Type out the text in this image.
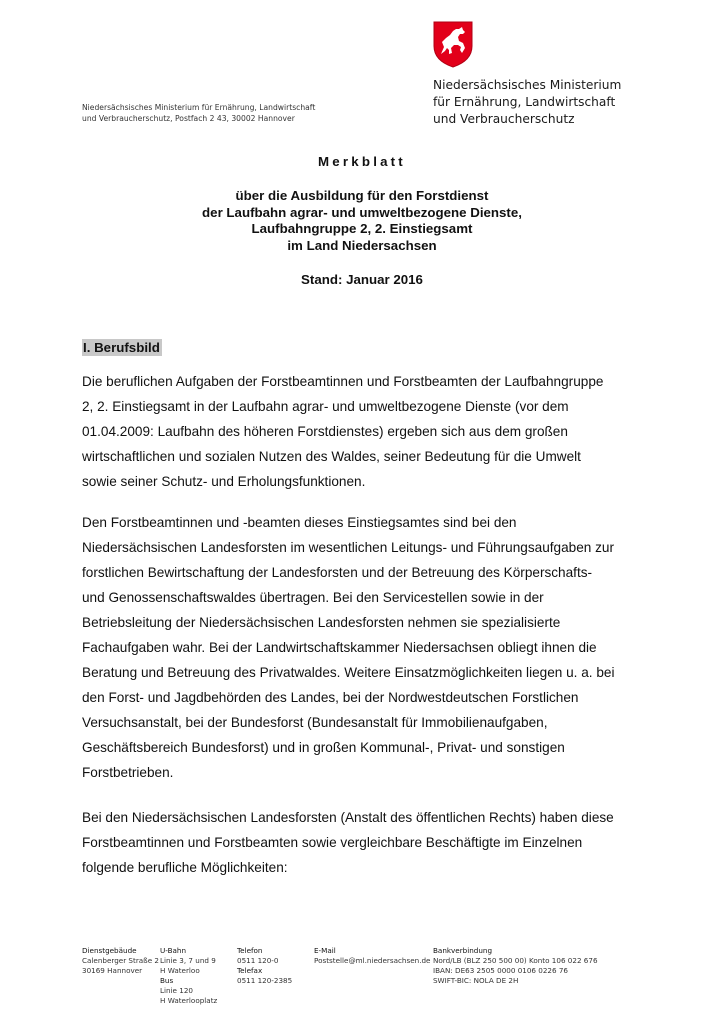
Niedersächsisches Ministerium
für Ernährung, Landwirtschaft
und Verbraucherschutz
Niedersächsisches Ministerium für Ernährung, Landwirtschaft
und Verbraucherschutz, Postfach 2 43, 30002 Hannover
Merkblatt
über die Ausbildung für den Forstdienst
der Laufbahn agrar- und umweltbezogene Dienste,
Laufbahngruppe 2, 2. Einstiegsamt
im Land Niedersachsen
Stand: Januar 2016
I. Berufsbild
Die beruflichen Aufgaben der Forstbeamtinnen und Forstbeamten der Laufbahngruppe
2, 2. Einstiegsamt in der Laufbahn agrar- und umweltbezogene Dienste (vor dem
01.04.2009: Laufbahn des höheren Forstdienstes) ergeben sich aus dem großen
wirtschaftlichen und sozialen Nutzen des Waldes, seiner Bedeutung für die Umwelt
sowie seiner Schutz- und Erholungsfunktionen.
Den Forstbeamtinnen und -beamten dieses Einstiegsamtes sind bei den
Niedersächsischen Landesforsten im wesentlichen Leitungs- und Führungsaufgaben zur
forstlichen Bewirtschaftung der Landesforsten und der Betreuung des Körperschafts-
und Genossenschaftswaldes übertragen. Bei den Servicestellen sowie in der
Betriebsleitung der Niedersächsischen Landesforsten nehmen sie spezialisierte
Fachaufgaben wahr. Bei der Landwirtschaftskammer Niedersachsen obliegt ihnen die
Beratung und Betreuung des Privatwaldes. Weitere Einsatzmöglichkeiten liegen u. a. bei
den Forst- und Jagdbehörden des Landes, bei der Nordwestdeutschen Forstlichen
Versuchsanstalt, bei der Bundesforst (Bundesanstalt für Immobilienaufgaben,
Geschäftsbereich Bundesforst) und in großen Kommunal-, Privat- und sonstigen
Forstbetrieben.
Bei den Niedersächsischen Landesforsten (Anstalt des öffentlichen Rechts) haben diese
Forstbeamtinnen und Forstbeamten sowie vergleichbare Beschäftigte im Einzelnen
folgende berufliche Möglichkeiten:
Dienstgebäude
Calenberger Straße 2
30169 Hannover
U-Bahn
Linie 3, 7 und 9
H Waterloo
Bus
Linie 120
H Waterlooplatz
Telefon
0511 120-0
Telefax
0511 120-2385
E-Mail
Poststelle@ml.niedersachsen.de
Bankverbindung
Nord/LB (BLZ 250 500 00) Konto 106 022 676
IBAN: DE63 2505 0000 0106 0226 76
SWIFT-BIC: NOLA DE 2H
